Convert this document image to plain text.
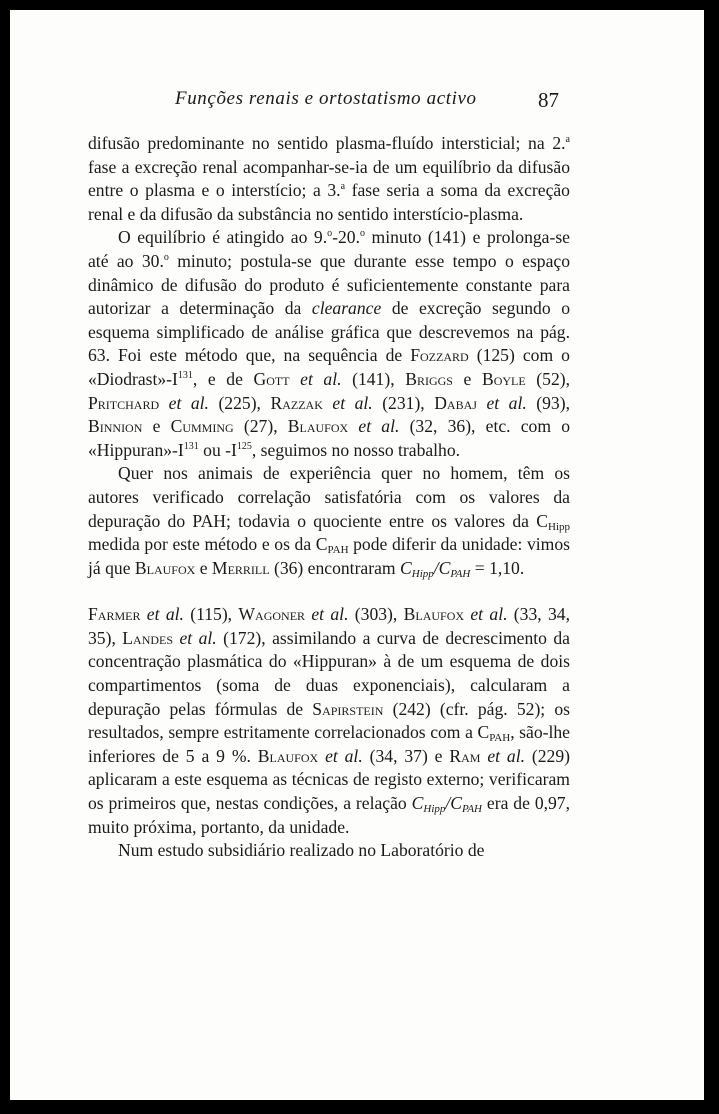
Funções renais e ortostatismo activo	87

difusão predominante no sentido plasma-fluído intersticial; na 2.$^a$ fase a excreção renal acompanhar-se-ia de um equilíbrio da difusão entre o plasma e o interstício; a 3.$^a$ fase seria a soma da excreção renal e da difusão da substância no sentido interstício-plasma.

O equilíbrio é atingido ao 9.$^o$-20.$^o$ minuto (141) e prolonga-se até ao 30.$^o$ minuto; postula-se que durante esse tempo o espaço dinâmico de difusão do produto é suficientemente constante para autorizar a determinação da clearance de excreção segundo o esquema simplificado de análise gráfica que descrevemos na pág. 63. Foi este método que, na sequência de Fozzard (125) com o «$Diodrast»-I^{131}$, e de Gott et al. (141), Briggs e Boyle (52), Pritchard et al. (225), Razzak et al. (231), Dabaj et al. (93), Binnion e Cumming (27), Blaufox et al. (32, 36), etc. com o «$Hippuran»-I^{131}$ ou $-I^{125}$, seguimos no nosso trabalho.

Quer nos animais de experiência quer no homem, têm os autores verificado correlação satisfatória com os valores da depuração do PAH; todavia o quociente entre os valores da $C_{Hipp}$ medida por este método e os da $C_{PAH}$ pode diferir da unidade: vimos já que Blaufox e Merrill (36) encontraram $C_{Hipp}/C_{PAH} = 1,10$.

Farmer et al. (115), Wagoner et al. (303), Blaufox et al. (33, 34, 35), Landes et al. (172), assimilando a curva de decrescimento da concentração plasmática do «Hippuran» à de um esquema de dois compartimentos (soma de duas exponenciais), calcularam a depuração pelas fórmulas de Sapirstein (242) (cfr. pág. 52); os resultados, sempre estritamente correlacionados com a $C_{PAH}$, são-lhe inferiores de 5 a 9 %. Blaufox et al. (34, 37) e Ram et al. (229) aplicaram a este esquema as técnicas de registo externo; verificaram os primeiros que, nestas condições, a relação $C_{Hipp}/C_{PAH}$ era de 0,97, muito próxima, portanto, da unidade.

Num estudo subsidiário realizado no Laboratório de
